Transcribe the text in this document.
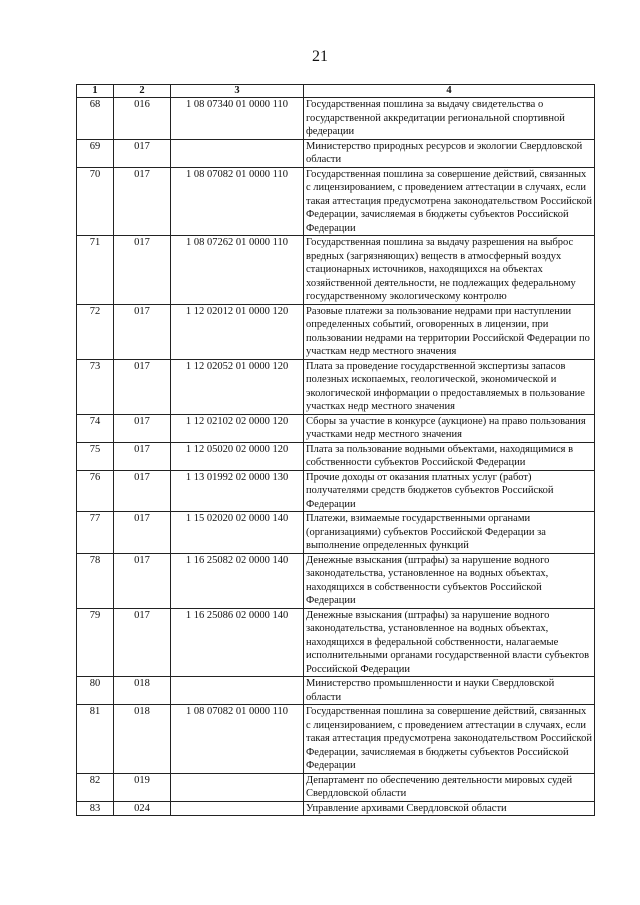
21
1	2	3	4
68	016	1 08 07340 01 0000 110	Государственная пошлина за выдачу свидетельства о государственной аккредитации региональной спортивной федерации
69	017		Министерство природных ресурсов и экологии Свердловской области
70	017	1 08 07082 01 0000 110	Государственная пошлина за совершение действий, связанных с лицензированием, с проведением аттестации в случаях, если такая аттестация предусмотрена законодательством Российской Федерации, зачисляемая в бюджеты субъектов Российской Федерации
71	017	1 08 07262 01 0000 110	Государственная пошлина за выдачу разрешения на выброс вредных (загрязняющих) веществ в атмосферный воздух стационарных источников, находящихся на объектах хозяйственной деятельности, не подлежащих федеральному государственному экологическому контролю
72	017	1 12 02012 01 0000 120	Разовые платежи за пользование недрами при наступлении определенных событий, оговоренных в лицензии, при пользовании недрами на территории Российской Федерации по участкам недр местного значения
73	017	1 12 02052 01 0000 120	Плата за проведение государственной экспертизы запасов полезных ископаемых, геологической, экономической и экологической информации о предоставляемых в пользование участках недр местного значения
74	017	1 12 02102 02 0000 120	Сборы за участие в конкурсе (аукционе) на право пользования участками недр местного значения
75	017	1 12 05020 02 0000 120	Плата за пользование водными объектами, находящимися в собственности субъектов Российской Федерации
76	017	1 13 01992 02 0000 130	Прочие доходы от оказания платных услуг (работ) получателями средств бюджетов субъектов Российской Федерации
77	017	1 15 02020 02 0000 140	Платежи, взимаемые государственными органами (организациями) субъектов Российской Федерации за выполнение определенных функций
78	017	1 16 25082 02 0000 140	Денежные взыскания (штрафы) за нарушение водного законодательства, установленное на водных объектах, находящихся в собственности субъектов Российской Федерации
79	017	1 16 25086 02 0000 140	Денежные взыскания (штрафы) за нарушение водного законодательства, установленное на водных объектах, находящихся в федеральной собственности, налагаемые исполнительными органами государственной власти субъектов Российской Федерации
80	018		Министерство промышленности и науки Свердловской области
81	018	1 08 07082 01 0000 110	Государственная пошлина за совершение действий, связанных с лицензированием, с проведением аттестации в случаях, если такая аттестация предусмотрена законодательством Российской Федерации, зачисляемая в бюджеты субъектов Российской Федерации
82	019		Департамент по обеспечению деятельности мировых судей Свердловской области
83	024		Управление архивами Свердловской области
